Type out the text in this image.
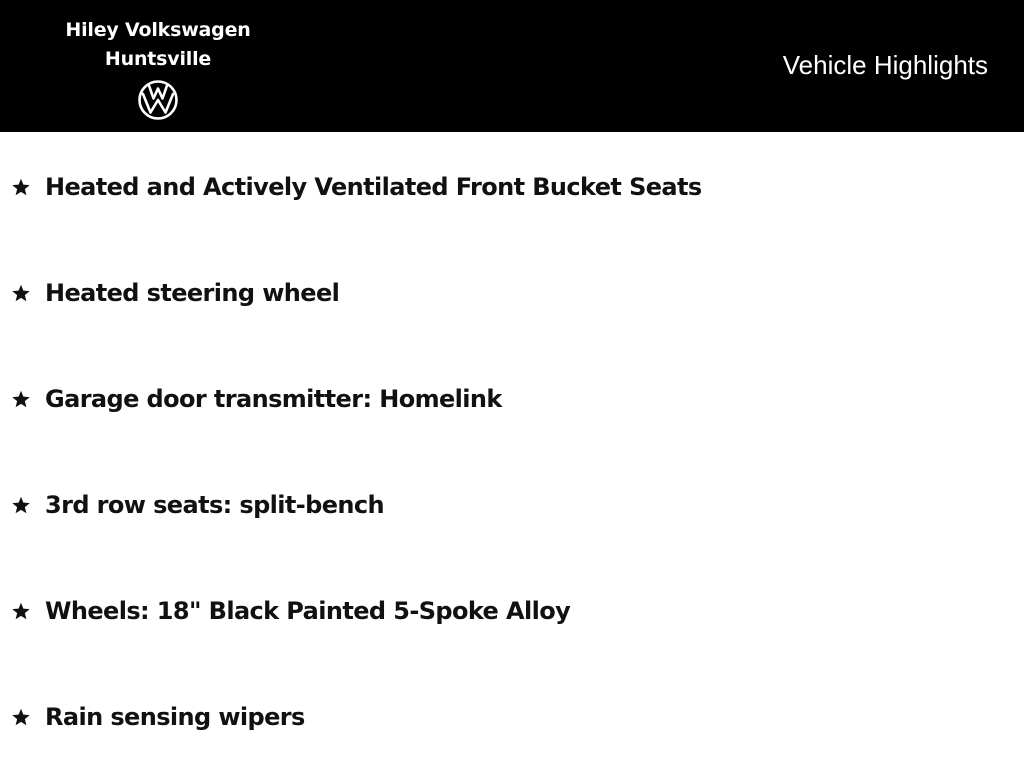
Hiley Volkswagen
Huntsville	Vehicle Highlights
Heated and Actively Ventilated Front Bucket Seats
Heated steering wheel
Garage door transmitter: Homelink
3rd row seats: split-bench
Wheels: 18" Black Painted 5-Spoke Alloy
Rain sensing wipers
